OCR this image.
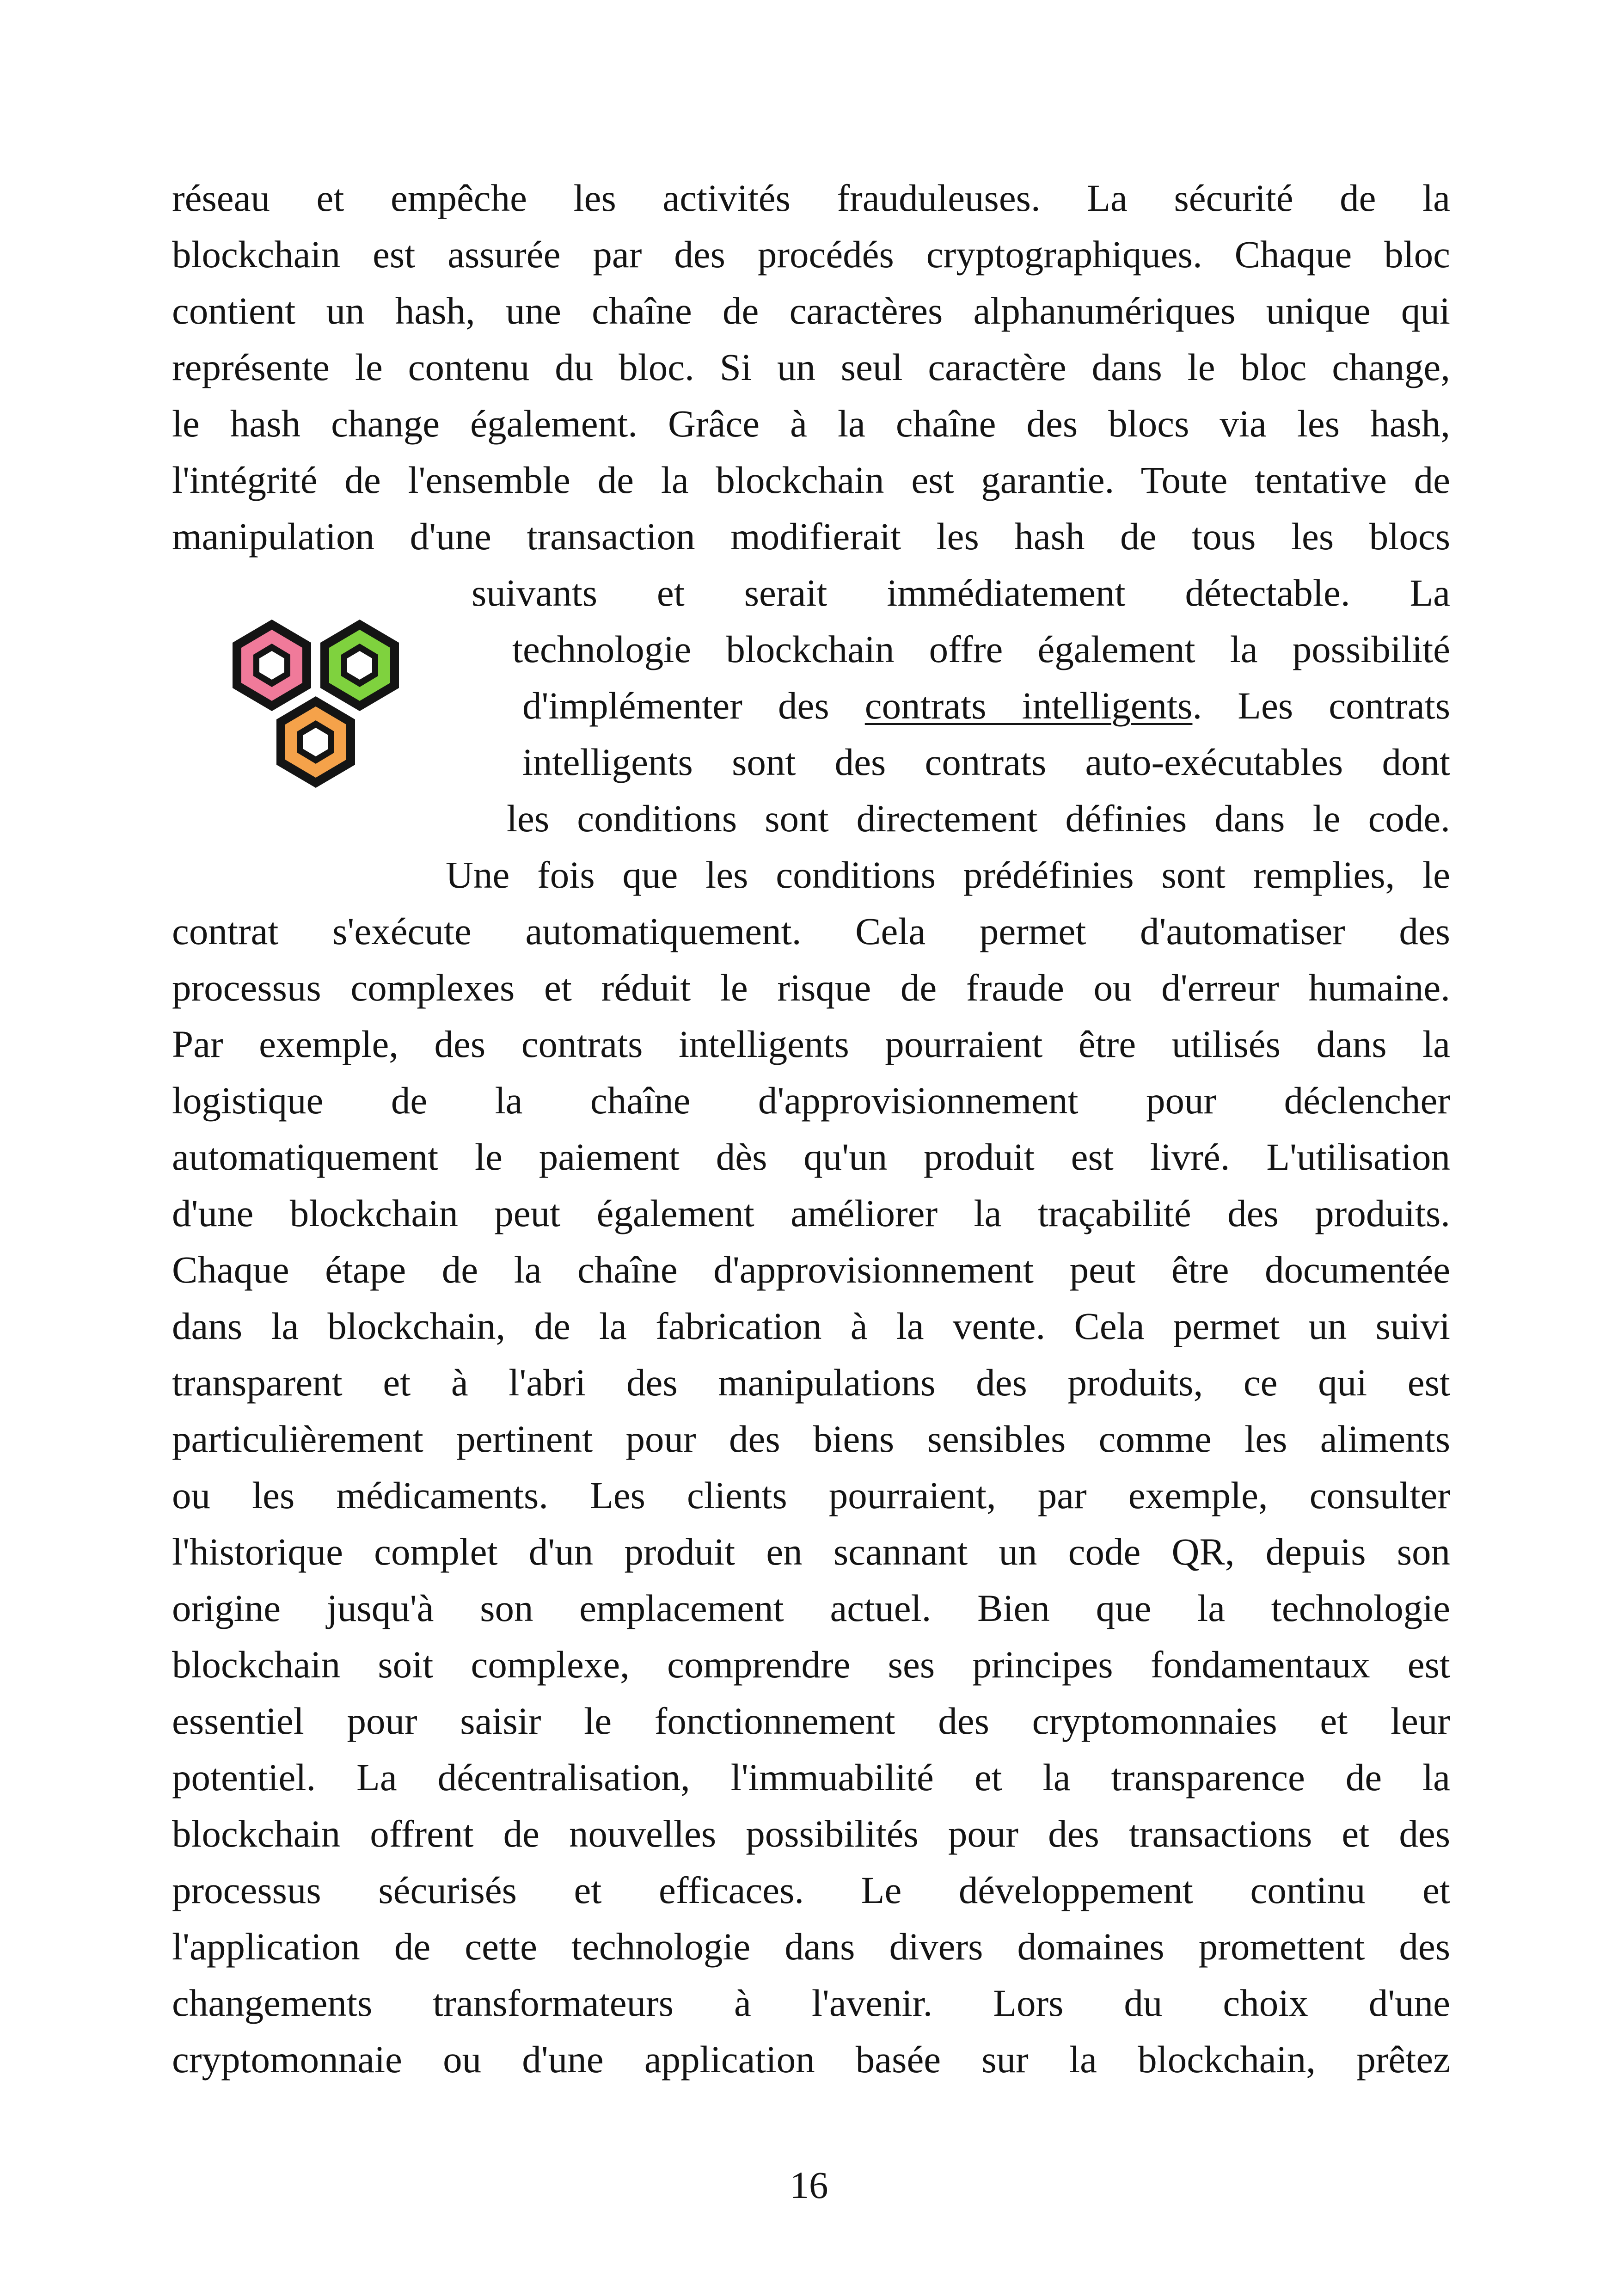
réseau et empêche les activités frauduleuses. La sécurité de la
blockchain est assurée par des procédés cryptographiques. Chaque bloc
contient un hash, une chaîne de caractères alphanumériques unique qui
représente le contenu du bloc. Si un seul caractère dans le bloc change,
le hash change également. Grâce à la chaîne des blocs via les hash,
l'intégrité de l'ensemble de la blockchain est garantie. Toute tentative de
manipulation d'une transaction modifierait les hash de tous les blocs
suivants et serait immédiatement détectable. La
technologie blockchain offre également la possibilité
d'implémenter des contrats intelligents. Les contrats
intelligents sont des contrats auto-exécutables dont
les conditions sont directement définies dans le code.
Une fois que les conditions prédéfinies sont remplies, le
contrat s'exécute automatiquement. Cela permet d'automatiser des
processus complexes et réduit le risque de fraude ou d'erreur humaine.
Par exemple, des contrats intelligents pourraient être utilisés dans la
logistique de la chaîne d'approvisionnement pour déclencher
automatiquement le paiement dès qu'un produit est livré. L'utilisation
d'une blockchain peut également améliorer la traçabilité des produits.
Chaque étape de la chaîne d'approvisionnement peut être documentée
dans la blockchain, de la fabrication à la vente. Cela permet un suivi
transparent et à l'abri des manipulations des produits, ce qui est
particulièrement pertinent pour des biens sensibles comme les aliments
ou les médicaments. Les clients pourraient, par exemple, consulter
l'historique complet d'un produit en scannant un code QR, depuis son
origine jusqu'à son emplacement actuel. Bien que la technologie
blockchain soit complexe, comprendre ses principes fondamentaux est
essentiel pour saisir le fonctionnement des cryptomonnaies et leur
potentiel. La décentralisation, l'immuabilité et la transparence de la
blockchain offrent de nouvelles possibilités pour des transactions et des
processus sécurisés et efficaces. Le développement continu et
l'application de cette technologie dans divers domaines promettent des
changements transformateurs à l'avenir. Lors du choix d'une
cryptomonnaie ou d'une application basée sur la blockchain, prêtez
16
